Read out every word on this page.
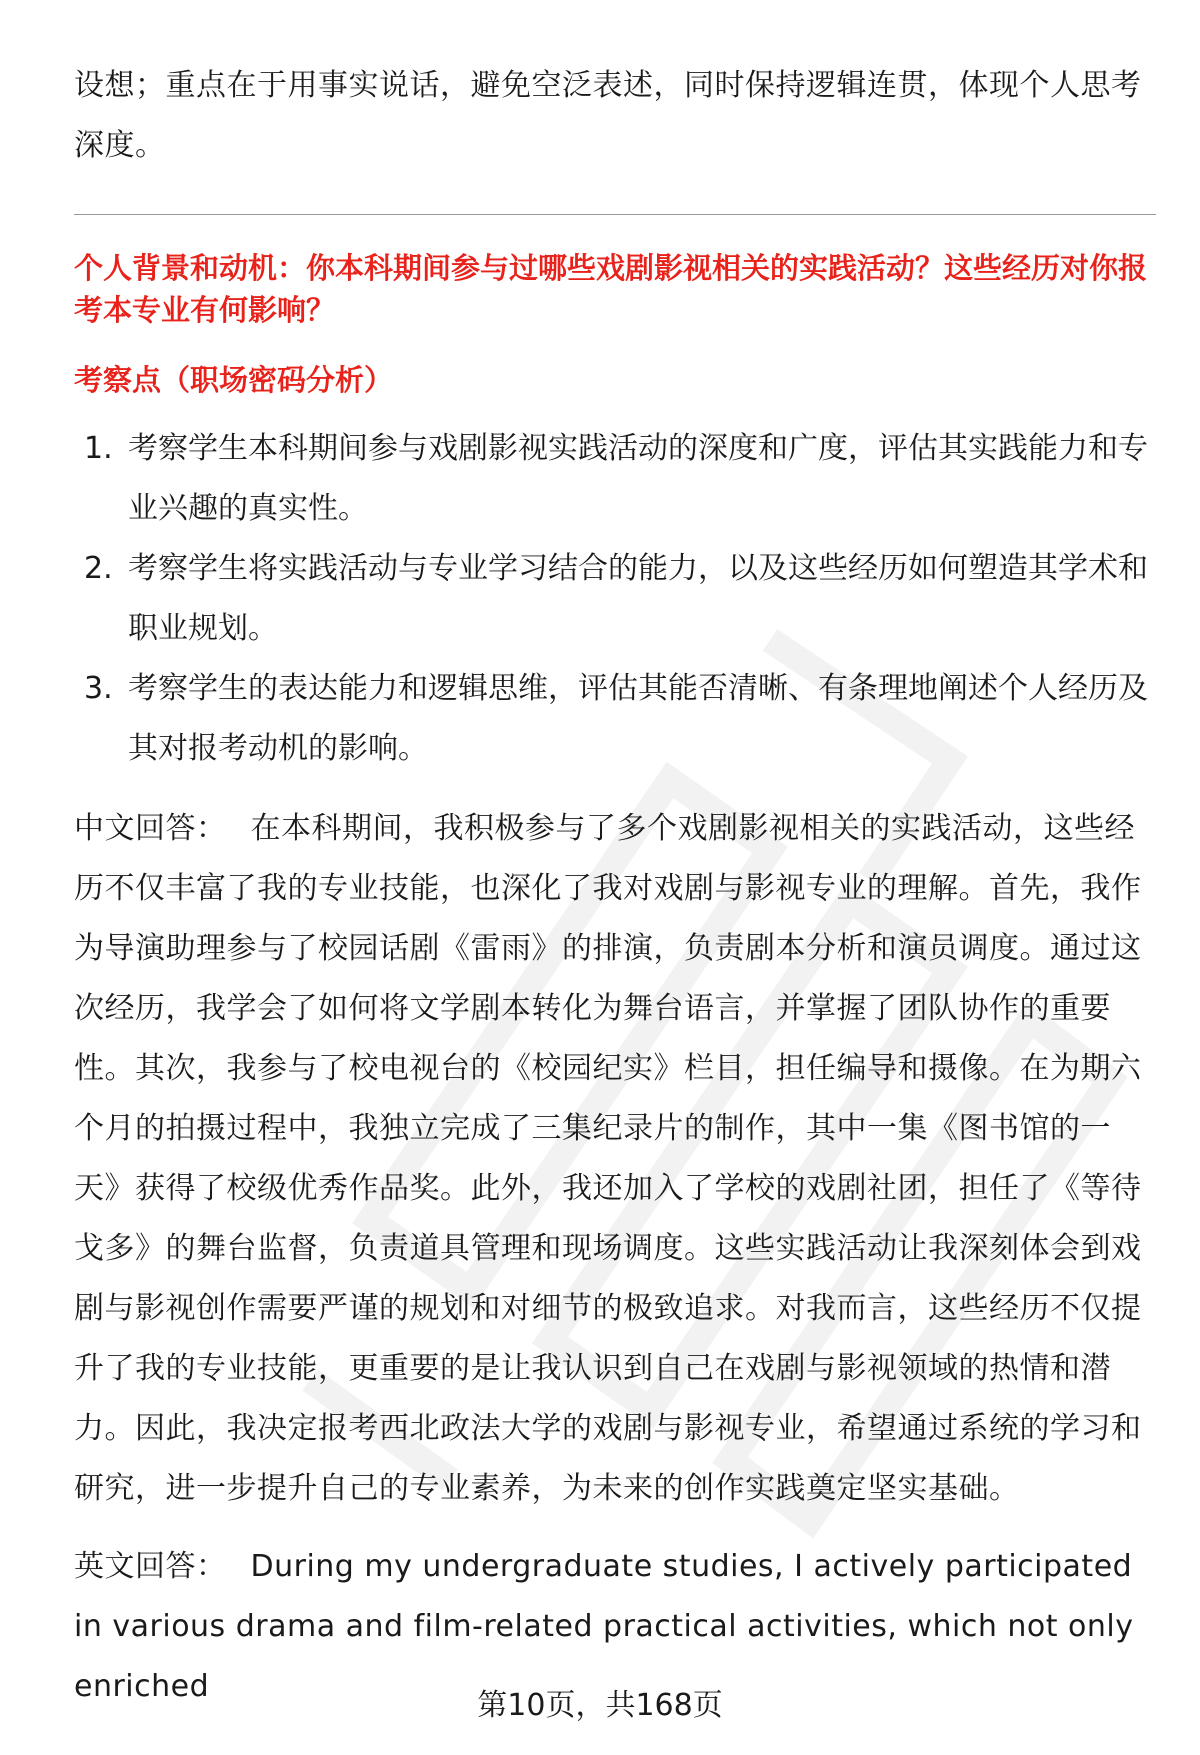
设想；重点在于用事实说话，避免空泛表述，同时保持逻辑连贯，体现个人思考深度。

个人背景和动机：你本科期间参与过哪些戏剧影视相关的实践活动？这些经历对你报考本专业有何影响？

考察点（职场密码分析）

1. 考察学生本科期间参与戏剧影视实践活动的深度和广度，评估其实践能力和专业兴趣的真实性。
2. 考察学生将实践活动与专业学习结合的能力，以及这些经历如何塑造其学术和职业规划。
3. 考察学生的表达能力和逻辑思维，评估其能否清晰、有条理地阐述个人经历及其对报考动机的影响。

中文回答： 在本科期间，我积极参与了多个戏剧影视相关的实践活动，这些经历不仅丰富了我的专业技能，也深化了我对戏剧与影视专业的理解。首先，我作为导演助理参与了校园话剧《雷雨》的排演，负责剧本分析和演员调度。通过这次经历，我学会了如何将文学剧本转化为舞台语言，并掌握了团队协作的重要性。其次，我参与了校电视台的《校园纪实》栏目，担任编导和摄像。在为期六个月的拍摄过程中，我独立完成了三集纪录片的制作，其中一集《图书馆的一天》获得了校级优秀作品奖。此外，我还加入了学校的戏剧社团，担任了《等待戈多》的舞台监督，负责道具管理和现场调度。这些实践活动让我深刻体会到戏剧与影视创作需要严谨的规划和对细节的极致追求。对我而言，这些经历不仅提升了我的专业技能，更重要的是让我认识到自己在戏剧与影视领域的热情和潜力。因此，我决定报考西北政法大学的戏剧与影视专业，希望通过系统的学习和研究，进一步提升自己的专业素养，为未来的创作实践奠定坚实基础。

英文回答： During my undergraduate studies, I actively participated in various drama and film-related practical activities, which not only enriched

第10页，共168页
